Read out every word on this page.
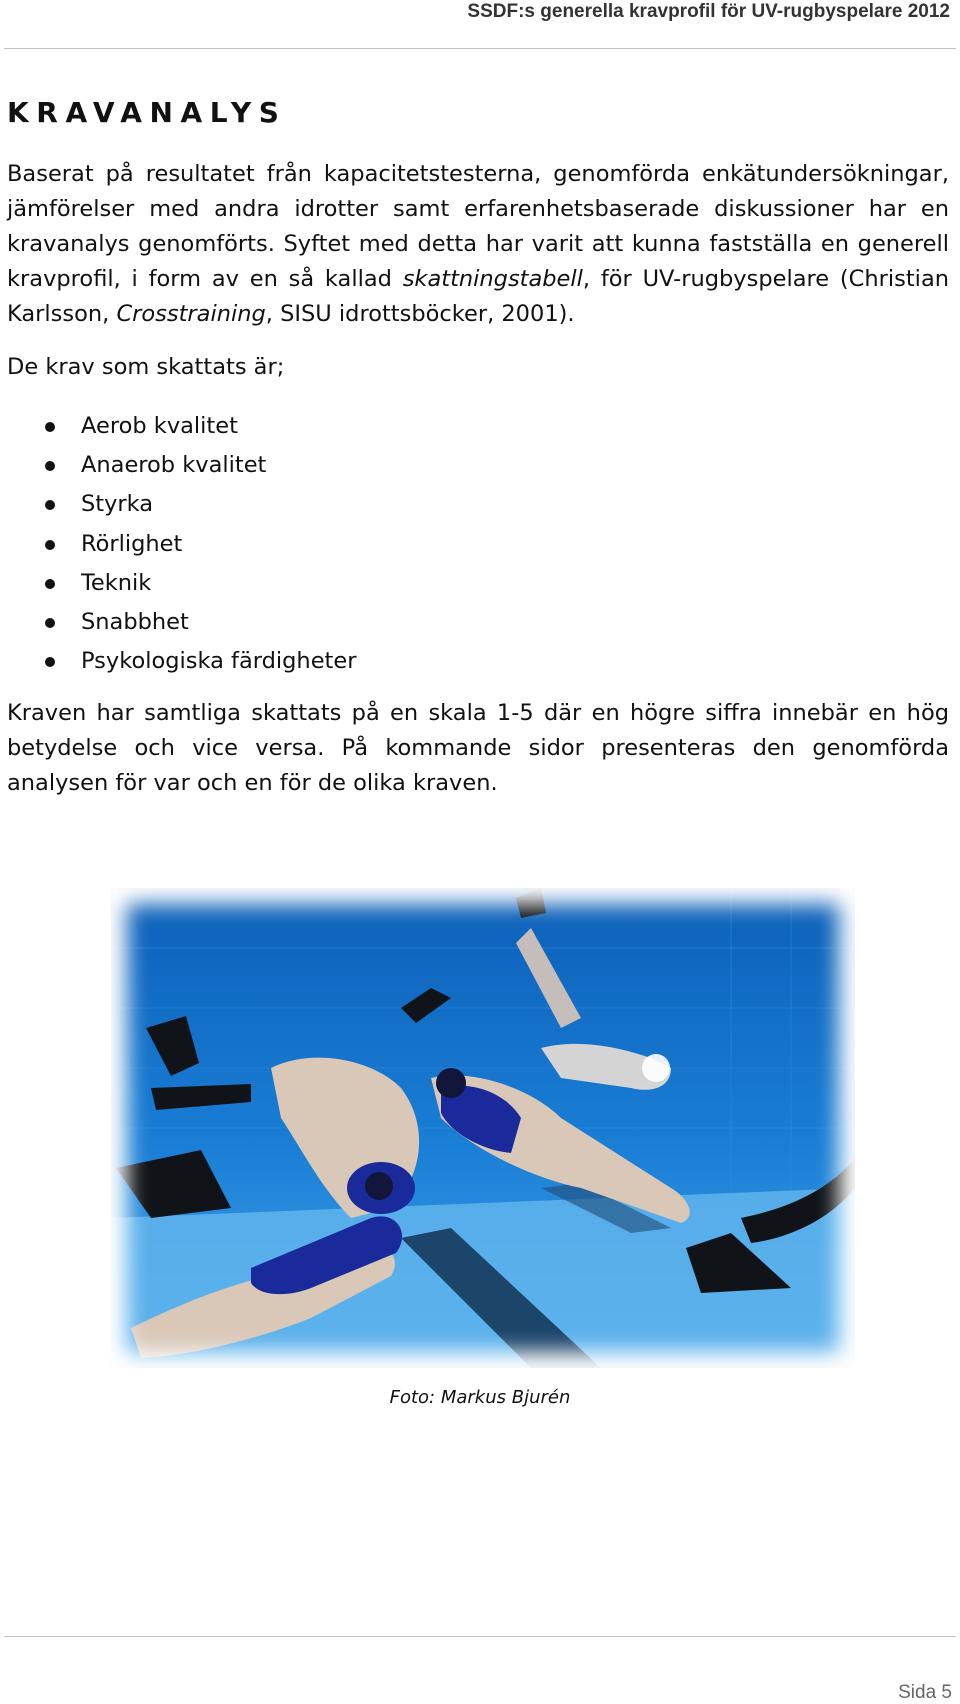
SSDF:s generella kravprofil för UV-rugbyspelare 2012
KRAVANALYS

Baserat på resultatet från kapacitetstesterna, genomförda enkätundersökningar, jämförelser med andra idrotter samt erfarenhetsbaserade diskussioner har en kravanalys genomförts. Syftet med detta har varit att kunna fastställa en generell kravprofil, i form av en så kallad skattningstabell, för UV-rugbyspelare (Christian Karlsson, Crosstraining, SISU idrottsböcker, 2001).

De krav som skattats är;

Aerob kvalitet
Anaerob kvalitet
Styrka
Rörlighet
Teknik
Snabbhet
Psykologiska färdigheter

Kraven har samtliga skattats på en skala 1-5 där en högre siffra innebär en hög betydelse och vice versa. På kommande sidor presenteras den genomförda analysen för var och en för de olika kraven.

Foto: Markus Bjurén
Sida 5
